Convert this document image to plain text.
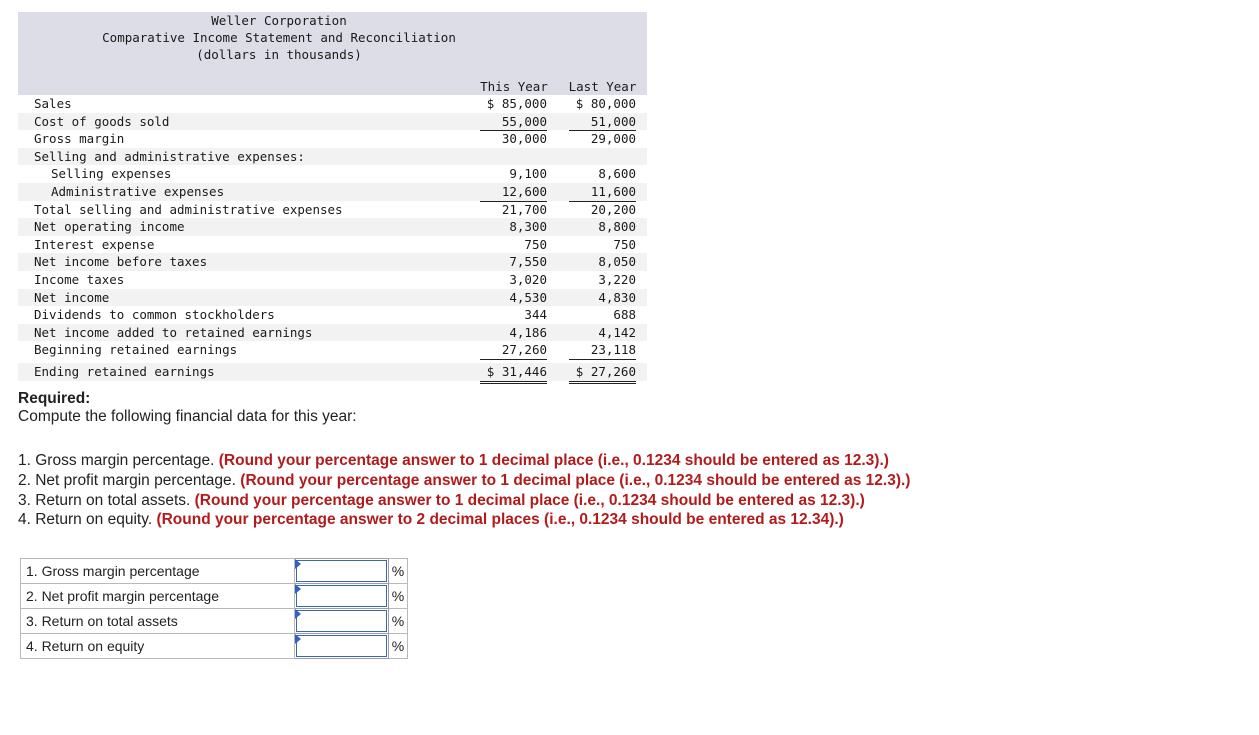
Weller Corporation
Comparative Income Statement and Reconciliation
(dollars in thousands)
This Year	Last Year
Sales	$ 85,000	$ 80,000
Cost of goods sold	55,000	51,000
Gross margin	30,000	29,000
Selling and administrative expenses:
Selling expenses	9,100	8,600
Administrative expenses	12,600	11,600
Total selling and administrative expenses	21,700	20,200
Net operating income	8,300	8,800
Interest expense	750	750
Net income before taxes	7,550	8,050
Income taxes	3,020	3,220
Net income	4,530	4,830
Dividends to common stockholders	344	688
Net income added to retained earnings	4,186	4,142
Beginning retained earnings	27,260	23,118
Ending retained earnings	$ 31,446	$ 27,260
Required:
Compute the following financial data for this year:
1. Gross margin percentage. (Round your percentage answer to 1 decimal place (i.e., 0.1234 should be entered as 12.3).)
2. Net profit margin percentage. (Round your percentage answer to 1 decimal place (i.e., 0.1234 should be entered as 12.3).)
3. Return on total assets. (Round your percentage answer to 1 decimal place (i.e., 0.1234 should be entered as 12.3).)
4. Return on equity. (Round your percentage answer to 2 decimal places (i.e., 0.1234 should be entered as 12.34).)
1. Gross margin percentage		%
2. Net profit margin percentage		%
3. Return on total assets		%
4. Return on equity		%
